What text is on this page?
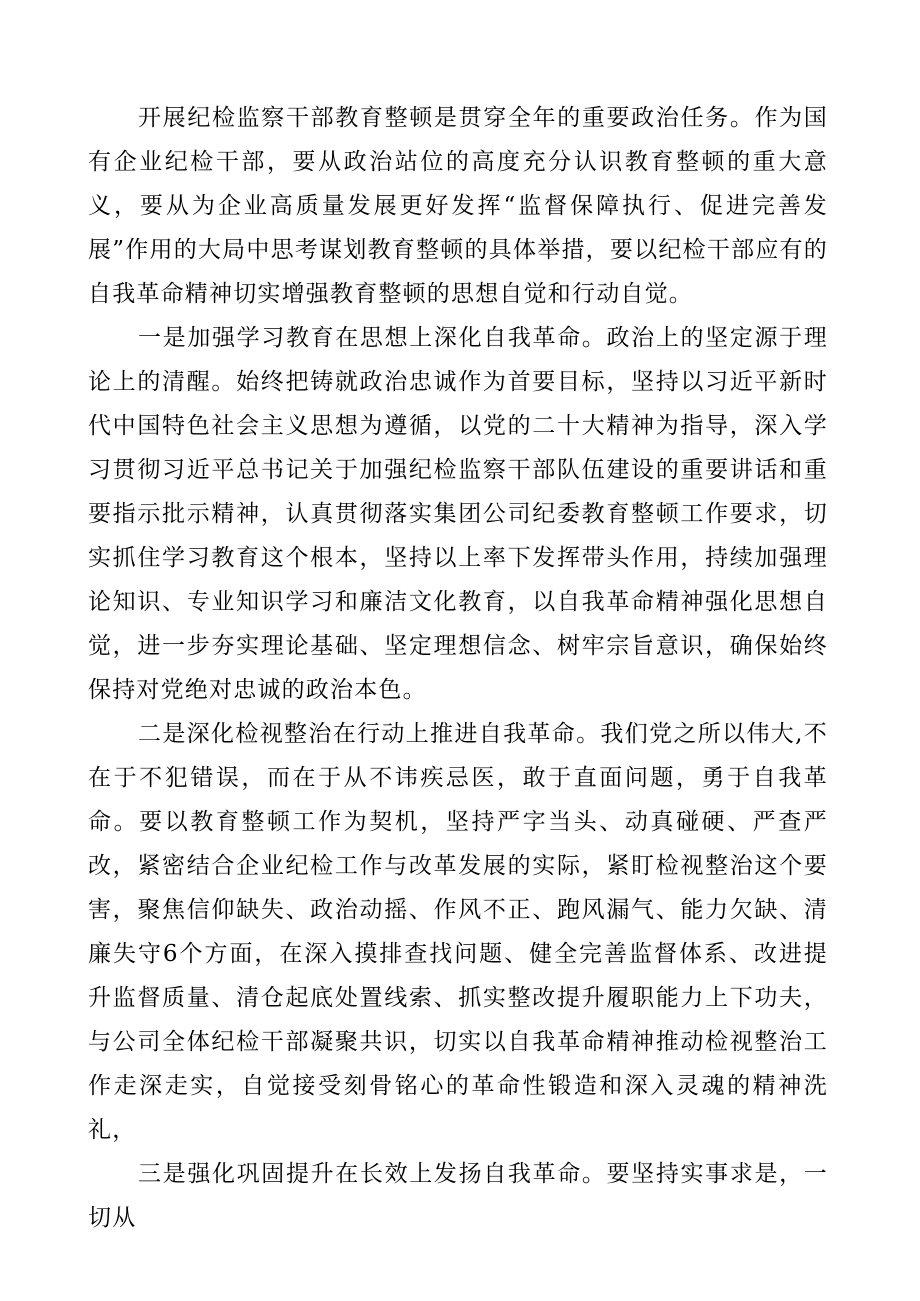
开展纪检监察干部教育整顿是贯穿全年的重要政治任务。作为国有企业纪检干部，要从政治站位的高度充分认识教育整顿的重大意义，要从为企业高质量发展更好发挥“监督保障执行、促进完善发展”作用的大局中思考谋划教育整顿的具体举措，要以纪检干部应有的自我革命精神切实增强教育整顿的思想自觉和行动自觉。

一是加强学习教育在思想上深化自我革命。政治上的坚定源于理论上的清醒。始终把铸就政治忠诚作为首要目标，坚持以习近平新时代中国特色社会主义思想为遵循，以党的二十大精神为指导，深入学习贯彻习近平总书记关于加强纪检监察干部队伍建设的重要讲话和重要指示批示精神，认真贯彻落实集团公司纪委教育整顿工作要求，切实抓住学习教育这个根本，坚持以上率下发挥带头作用，持续加强理论知识、专业知识学习和廉洁文化教育，以自我革命精神强化思想自觉，进一步夯实理论基础、坚定理想信念、树牢宗旨意识，确保始终保持对党绝对忠诚的政治本色。

二是深化检视整治在行动上推进自我革命。我们党之所以伟大,不在于不犯错误，而在于从不讳疾忌医，敢于直面问题，勇于自我革命。要以教育整顿工作为契机，坚持严字当头、动真碰硬、严查严改，紧密结合企业纪检工作与改革发展的实际，紧盯检视整治这个要害，聚焦信仰缺失、政治动摇、作风不正、跑风漏气、能力欠缺、清廉失守6个方面，在深入摸排查找问题、健全完善监督体系、改进提升监督质量、清仓起底处置线索、抓实整改提升履职能力上下功夫，与公司全体纪检干部凝聚共识，切实以自我革命精神推动检视整治工作走深走实，自觉接受刻骨铭心的革命性锻造和深入灵魂的精神洗礼，

三是强化巩固提升在长效上发扬自我革命。要坚持实事求是，一切从
